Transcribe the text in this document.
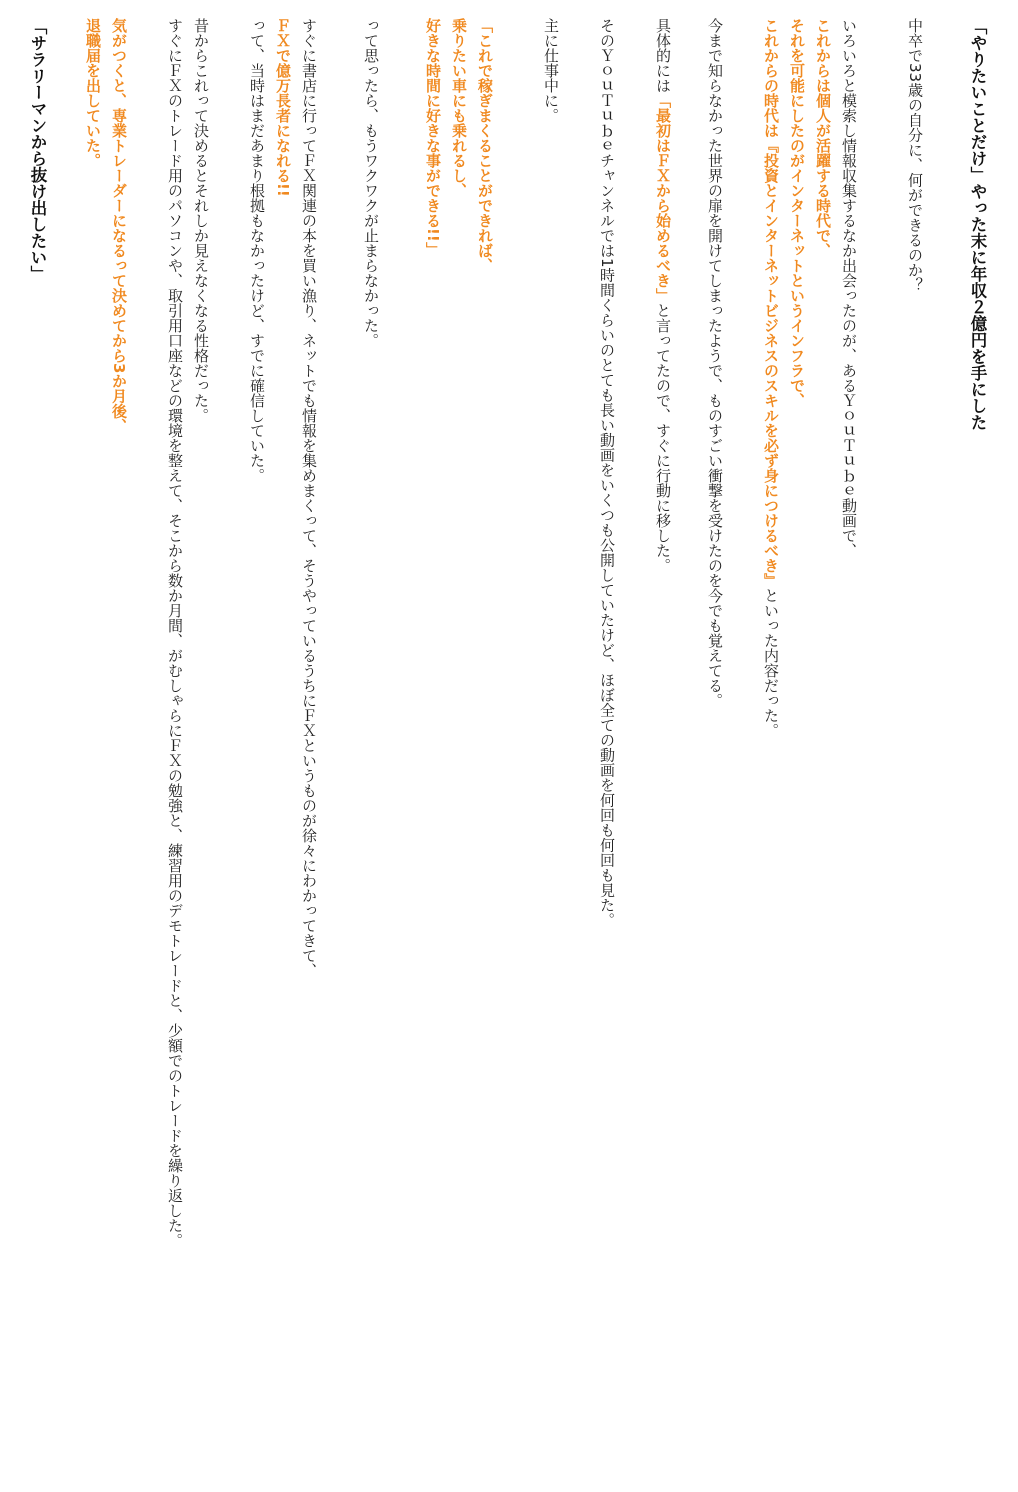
「やりたいことだけ」やった末に年収２億円を手にした
中卒で33歳の自分に、何ができるのか？
いろいろと模索し情報収集するなか出会ったのが、あるＹｏｕＴｕｂｅ動画で、
これからは個人が活躍する時代で、
それを可能にしたのがインターネットというインフラで、
これからの時代は『投資とインターネットビジネスのスキルを必ず身につけるべき』といった内容だった。
今まで知らなかった世界の扉を開けてしまったようで、ものすごい衝撃を受けたのを今でも覚えてる。
具体的には「最初はＦＸから始めるべき」と言ってたので、すぐに行動に移した。
そのＹｏｕＴｕｂｅチャンネルでは1時間くらいのとても長い動画をいくつも公開していたけど、ほぼ全ての動画を何回も何回も見た。
主に仕事中に。
「これで稼ぎまくることができれば、
乗りたい車にも乗れるし、
好きな時間に好きな事ができる!!」
って思ったら、もうワクワクが止まらなかった。
すぐに書店に行ってＦＸ関連の本を買い漁り、ネットでも情報を集めまくって、そうやっているうちにＦＸというものが徐々にわかってきて、
ＦＸで億万長者になれる!!
って、当時はまだあまり根拠もなかったけど、すでに確信していた。
昔からこれって決めるとそれしか見えなくなる性格だった。
すぐにＦＸのトレード用のパソコンや、取引用口座などの環境を整えて、そこから数か月間、がむしゃらにＦＸの勉強と、練習用のデモトレードと、少額でのトレードを繰り返した。
気がつくと、専業トレーダーになるって決めてから3か月後、
退職届を出していた。
「サラリーマンから抜け出したい」
